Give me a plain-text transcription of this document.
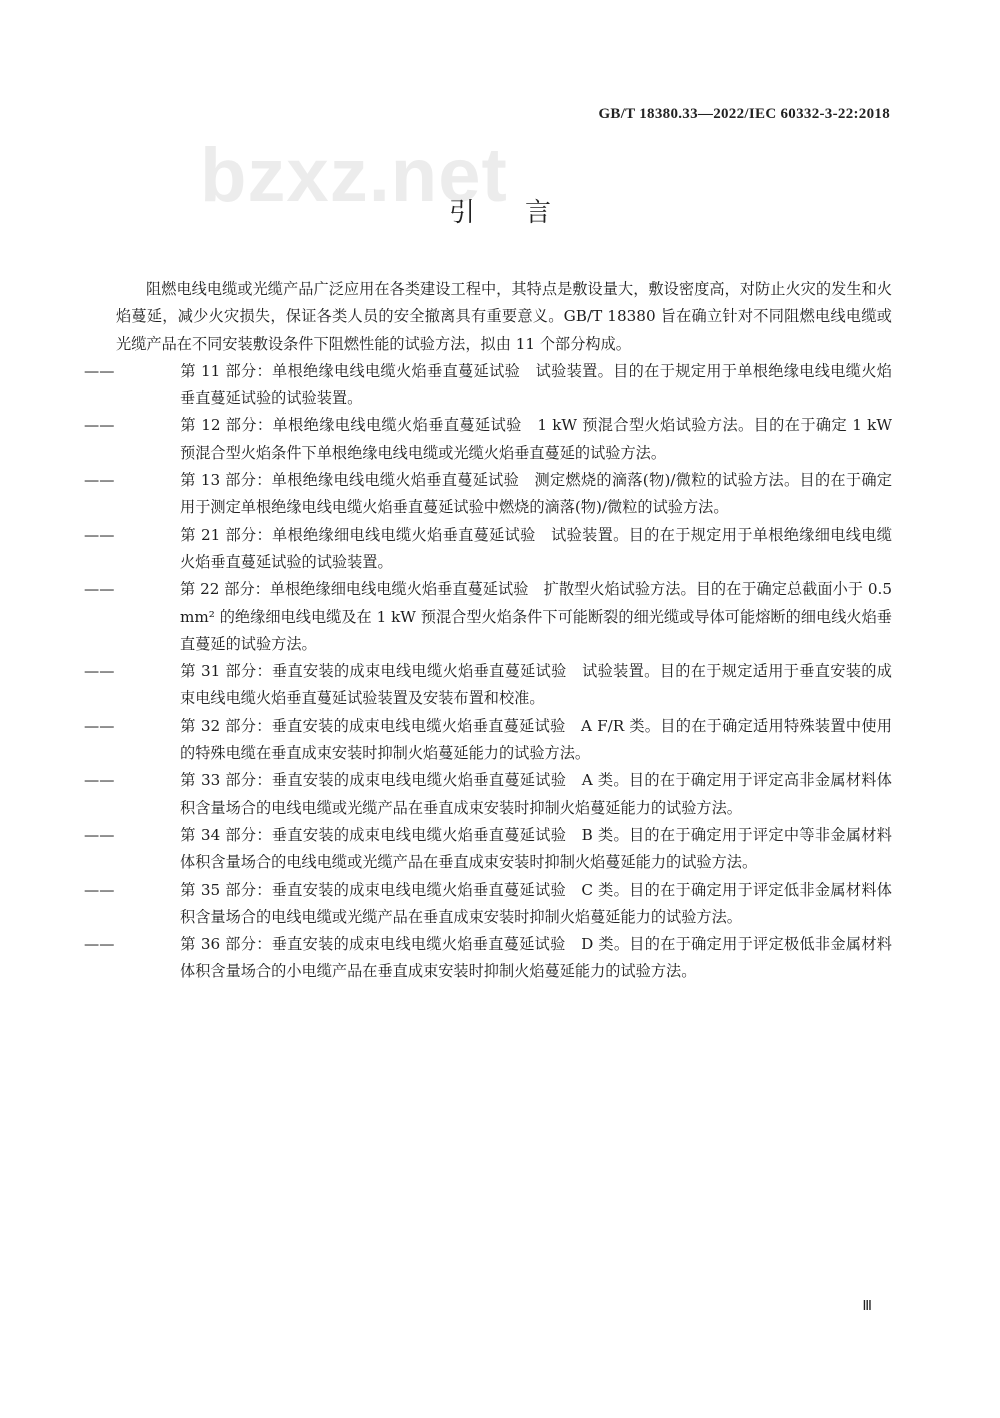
GB/T 18380.33—2022/IEC 60332-3-22:2018
bzxz.net
引言

阻燃电线电缆或光缆产品广泛应用在各类建设工程中，其特点是敷设量大，敷设密度高，对防止火灾的发生和火焰蔓延，减少火灾损失，保证各类人员的安全撤离具有重要意义。GB/T 18380 旨在确立针对不同阻燃电线电缆或光缆产品在不同安装敷设条件下阻燃性能的试验方法，拟由 11 个部分构成。

——	第 11 部分：单根绝缘电线电缆火焰垂直蔓延试验　试验装置。目的在于规定用于单根绝缘电线电缆火焰垂直蔓延试验的试验装置。
——	第 12 部分：单根绝缘电线电缆火焰垂直蔓延试验　1 kW 预混合型火焰试验方法。目的在于确定 1 kW 预混合型火焰条件下单根绝缘电线电缆或光缆火焰垂直蔓延的试验方法。
——	第 13 部分：单根绝缘电线电缆火焰垂直蔓延试验　测定燃烧的滴落(物)/微粒的试验方法。目的在于确定用于测定单根绝缘电线电缆火焰垂直蔓延试验中燃烧的滴落(物)/微粒的试验方法。
——	第 21 部分：单根绝缘细电线电缆火焰垂直蔓延试验　试验装置。目的在于规定用于单根绝缘细电线电缆火焰垂直蔓延试验的试验装置。
——	第 22 部分：单根绝缘细电线电缆火焰垂直蔓延试验　扩散型火焰试验方法。目的在于确定总截面小于 0.5 mm² 的绝缘细电线电缆及在 1 kW 预混合型火焰条件下可能断裂的细光缆或导体可能熔断的细电线火焰垂直蔓延的试验方法。
——	第 31 部分：垂直安装的成束电线电缆火焰垂直蔓延试验　试验装置。目的在于规定适用于垂直安装的成束电线电缆火焰垂直蔓延试验装置及安装布置和校准。
——	第 32 部分：垂直安装的成束电线电缆火焰垂直蔓延试验　A F/R 类。目的在于确定适用特殊装置中使用的特殊电缆在垂直成束安装时抑制火焰蔓延能力的试验方法。
——	第 33 部分：垂直安装的成束电线电缆火焰垂直蔓延试验　A 类。目的在于确定用于评定高非金属材料体积含量场合的电线电缆或光缆产品在垂直成束安装时抑制火焰蔓延能力的试验方法。
——	第 34 部分：垂直安装的成束电线电缆火焰垂直蔓延试验　B 类。目的在于确定用于评定中等非金属材料体积含量场合的电线电缆或光缆产品在垂直成束安装时抑制火焰蔓延能力的试验方法。
——	第 35 部分：垂直安装的成束电线电缆火焰垂直蔓延试验　C 类。目的在于确定用于评定低非金属材料体积含量场合的电线电缆或光缆产品在垂直成束安装时抑制火焰蔓延能力的试验方法。
——	第 36 部分：垂直安装的成束电线电缆火焰垂直蔓延试验　D 类。目的在于确定用于评定极低非金属材料体积含量场合的小电缆产品在垂直成束安装时抑制火焰蔓延能力的试验方法。
Ⅲ
